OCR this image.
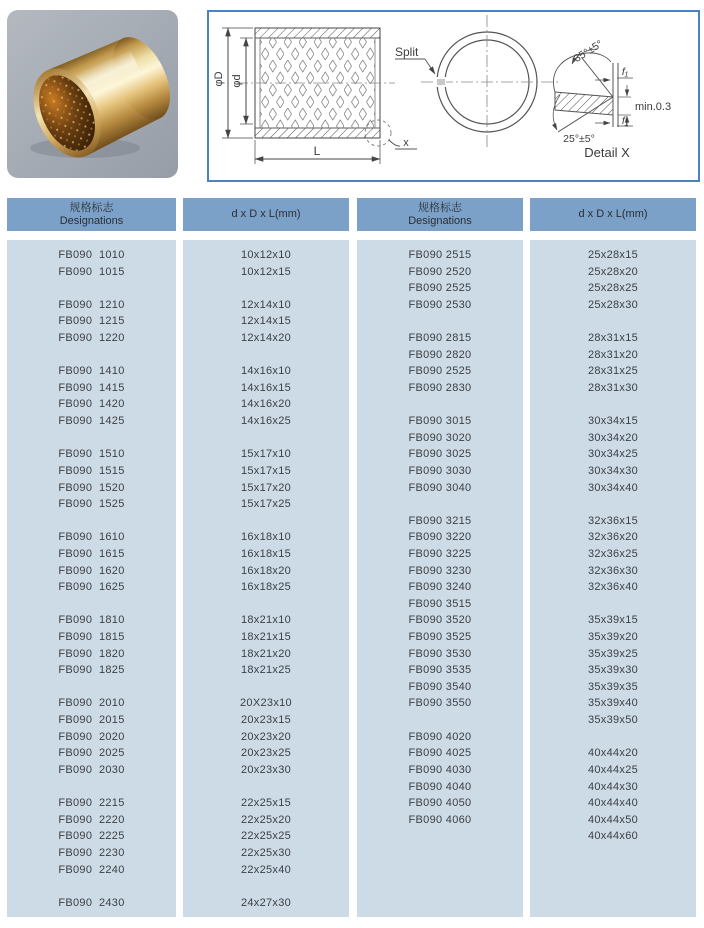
φD φd
L
x
Split	35°±5°
f₁
min.0.3
f₁
25°±5°
Detail X
规格标志
Designations
d x D x L(mm)
规格标志
Designations
d x D x L(mm)
FB090  1010
FB090  1015
FB090  1210
FB090  1215
FB090  1220
FB090  1410
FB090  1415
FB090  1420
FB090  1425
FB090  1510
FB090  1515
FB090  1520
FB090  1525
FB090  1610
FB090  1615
FB090  1620
FB090  1625
FB090  1810
FB090  1815
FB090  1820
FB090  1825
FB090  2010
FB090  2015
FB090  2020
FB090  2025
FB090  2030
FB090  2215
FB090  2220
FB090  2225
FB090  2230
FB090  2240
FB090  2430
10x12x10
10x12x15
12x14x10
12x14x15
12x14x20
14x16x10
14x16x15
14x16x20
14x16x25
15x17x10
15x17x15
15x17x20
15x17x25
16x18x10
16x18x15
16x18x20
16x18x25
18x21x10
18x21x15
18x21x20
18x21x25
20X23x10
20x23x15
20x23x20
20x23x25
20x23x30
22x25x15
22x25x20
22x25x25
22x25x30
22x25x40
24x27x30
FB090 2515
FB090 2520
FB090 2525
FB090 2530
FB090 2815
FB090 2820
FB090 2525
FB090 2830
FB090 3015
FB090 3020
FB090 3025
FB090 3030
FB090 3040
FB090 3215
FB090 3220
FB090 3225
FB090 3230
FB090 3240
FB090 3515
FB090 3520
FB090 3525
FB090 3530
FB090 3535
FB090 3540
FB090 3550
FB090 4020
FB090 4025
FB090 4030
FB090 4040
FB090 4050
FB090 4060
25x28x15
25x28x20
25x28x25
25x28x30
28x31x15
28x31x20
28x31x25
28x31x30
30x34x15
30x34x20
30x34x25
30x34x30
30x34x40
32x36x15
32x36x20
32x36x25
32x36x30
32x36x40
35x39x15
35x39x20
35x39x25
35x39x30
35x39x35
35x39x40
35x39x50
40x44x20
40x44x25
40x44x30
40x44x40
40x44x50
40x44x60
